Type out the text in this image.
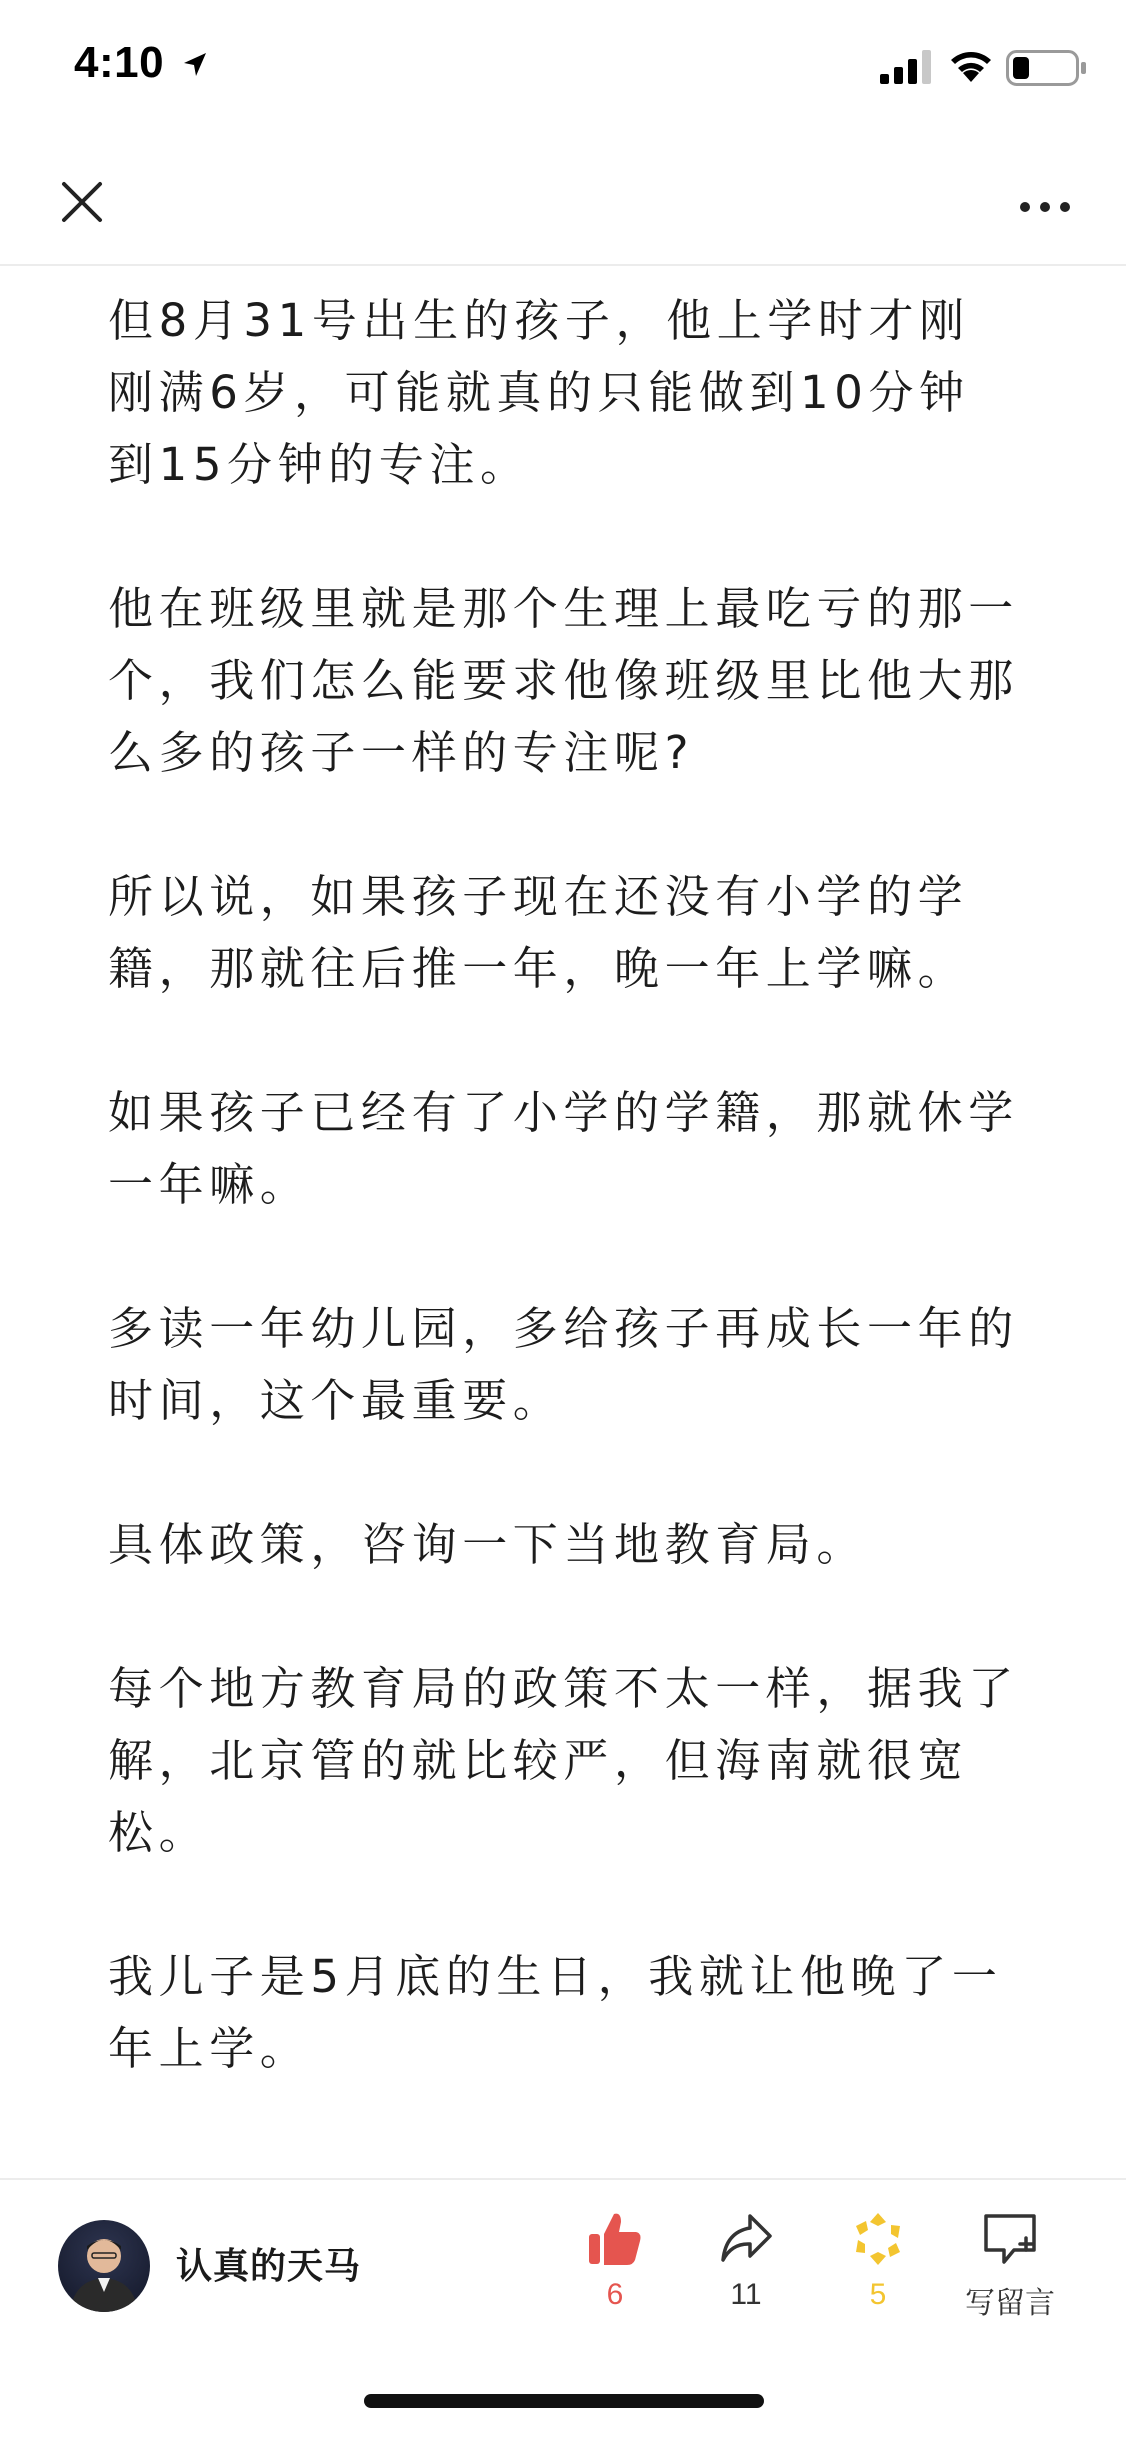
4:10

但8月31号出生的孩子，他上学时才刚刚满6岁，可能就真的只能做到10分钟到15分钟的专注。

他在班级里就是那个生理上最吃亏的那一个，我们怎么能要求他像班级里比他大那么多的孩子一样的专注呢?

所以说，如果孩子现在还没有小学的学籍，那就往后推一年，晚一年上学嘛。

如果孩子已经有了小学的学籍，那就休学一年嘛。

多读一年幼儿园，多给孩子再成长一年的时间，这个最重要。

具体政策，咨询一下当地教育局。

每个地方教育局的政策不太一样，据我了解，北京管的就比较严，但海南就很宽松。

我儿子是5月底的生日，我就让他晚了一年上学。

认真的天马
6	11	5	写留言
